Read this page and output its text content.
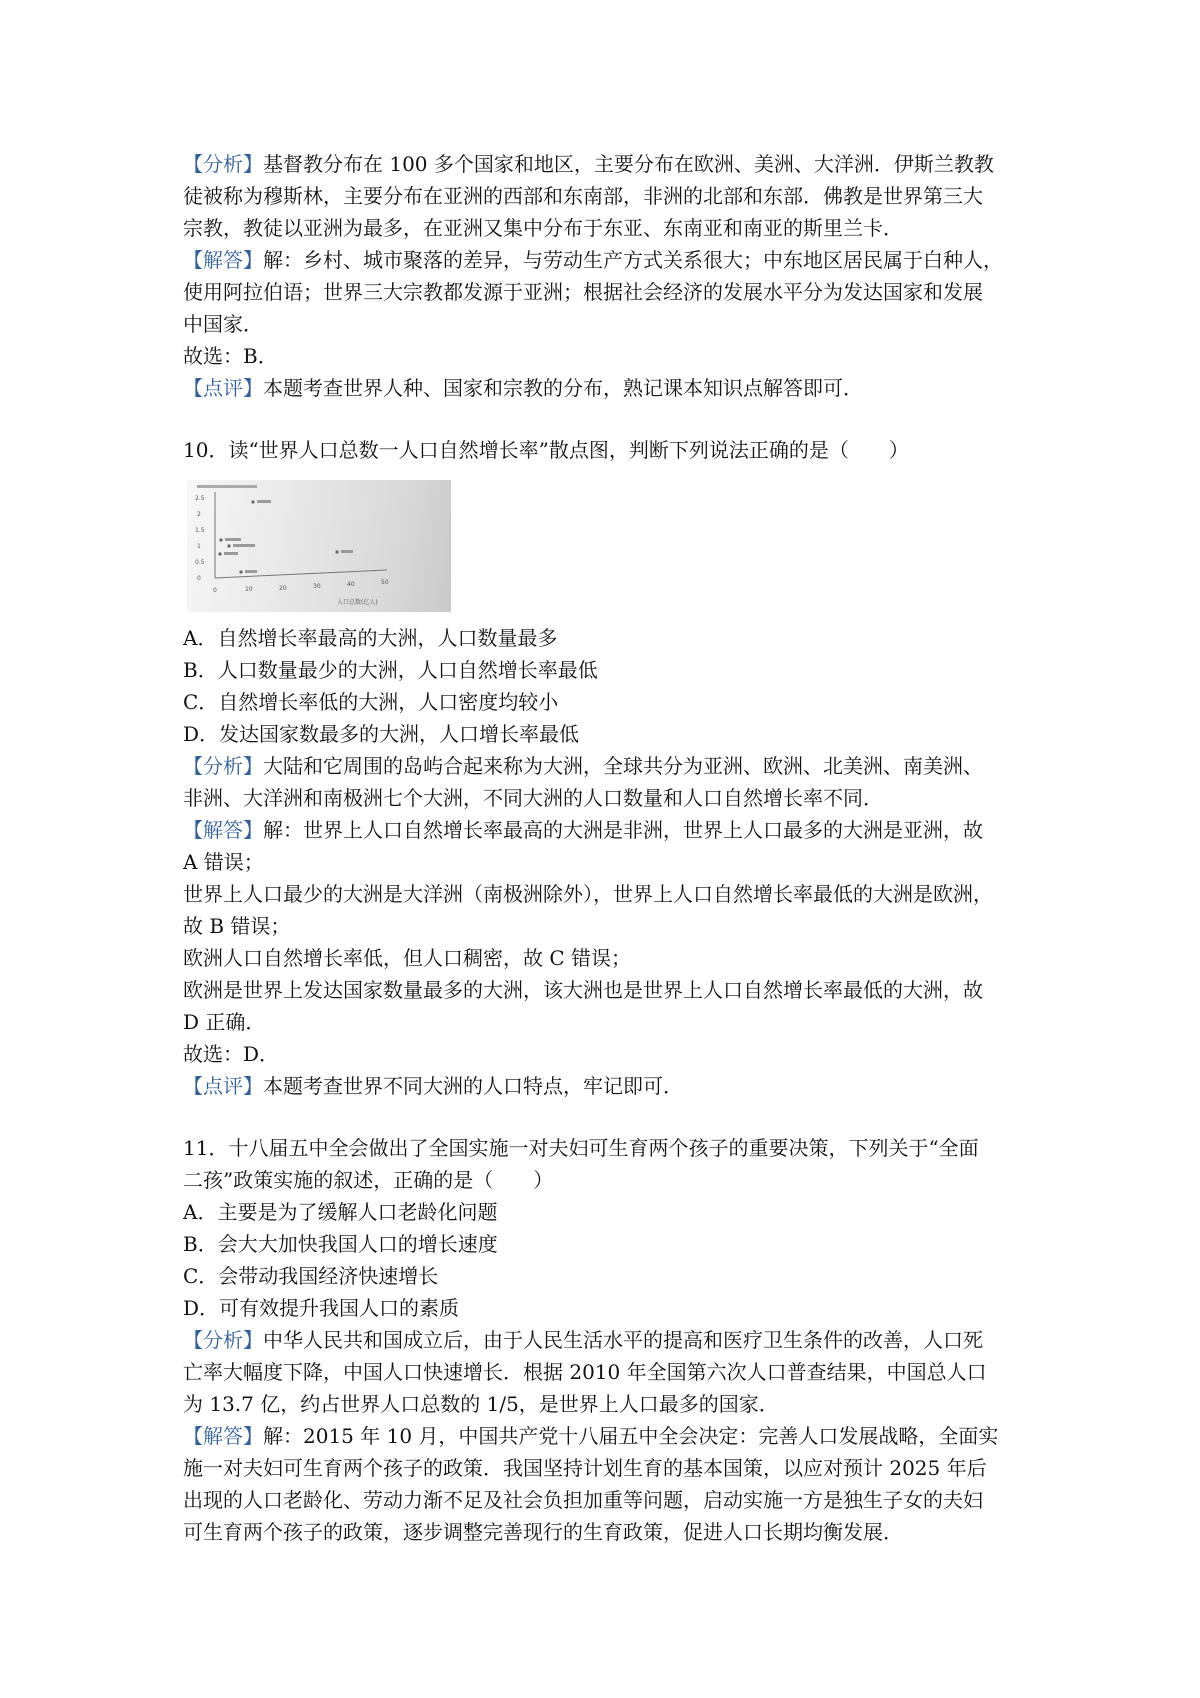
【分析】基督教分布在 100 多个国家和地区，主要分布在欧洲、美洲、大洋洲．伊斯兰教教
徒被称为穆斯林，主要分布在亚洲的西部和东南部，非洲的北部和东部．佛教是世界第三大
宗教，教徒以亚洲为最多，在亚洲又集中分布于东亚、东南亚和南亚的斯里兰卡．
【解答】解：乡村、城市聚落的差异，与劳动生产方式关系很大；中东地区居民属于白种人，
使用阿拉伯语；世界三大宗教都发源于亚洲；根据社会经济的发展水平分为发达国家和发展
中国家．
故选：B．
【点评】本题考查世界人种、国家和宗教的分布，熟记课本知识点解答即可．
10．读“世界人口总数一人口自然增长率”散点图，判断下列说法正确的是（　　）
2.5
2
1.5
1
0.5
0
0	10	20	30	40	50
人口总数(亿人)
A．自然增长率最高的大洲，人口数量最多
B．人口数量最少的大洲，人口自然增长率最低
C．自然增长率低的大洲，人口密度均较小
D．发达国家数最多的大洲，人口增长率最低
【分析】大陆和它周围的岛屿合起来称为大洲，全球共分为亚洲、欧洲、北美洲、南美洲、
非洲、大洋洲和南极洲七个大洲，不同大洲的人口数量和人口自然增长率不同．
【解答】解：世界上人口自然增长率最高的大洲是非洲，世界上人口最多的大洲是亚洲，故
A 错误；
世界上人口最少的大洲是大洋洲（南极洲除外），世界上人口自然增长率最低的大洲是欧洲，
故 B 错误；
欧洲人口自然增长率低，但人口稠密，故 C 错误；
欧洲是世界上发达国家数量最多的大洲，该大洲也是世界上人口自然增长率最低的大洲，故
D 正确．
故选：D．
【点评】本题考查世界不同大洲的人口特点，牢记即可．
11．十八届五中全会做出了全国实施一对夫妇可生育两个孩子的重要决策，下列关于“全面
二孩”政策实施的叙述，正确的是（　　）
A．主要是为了缓解人口老龄化问题
B．会大大加快我国人口的增长速度
C．会带动我国经济快速增长
D．可有效提升我国人口的素质
【分析】中华人民共和国成立后，由于人民生活水平的提高和医疗卫生条件的改善，人口死
亡率大幅度下降，中国人口快速增长．根据 2010 年全国第六次人口普查结果，中国总人口
为 13.7 亿，约占世界人口总数的 1/5，是世界上人口最多的国家．
【解答】解：2015 年 10 月，中国共产党十八届五中全会决定：完善人口发展战略，全面实
施一对夫妇可生育两个孩子的政策．我国坚持计划生育的基本国策，以应对预计 2025 年后
出现的人口老龄化、劳动力渐不足及社会负担加重等问题，启动实施一方是独生子女的夫妇
可生育两个孩子的政策，逐步调整完善现行的生育政策，促进人口长期均衡发展．
